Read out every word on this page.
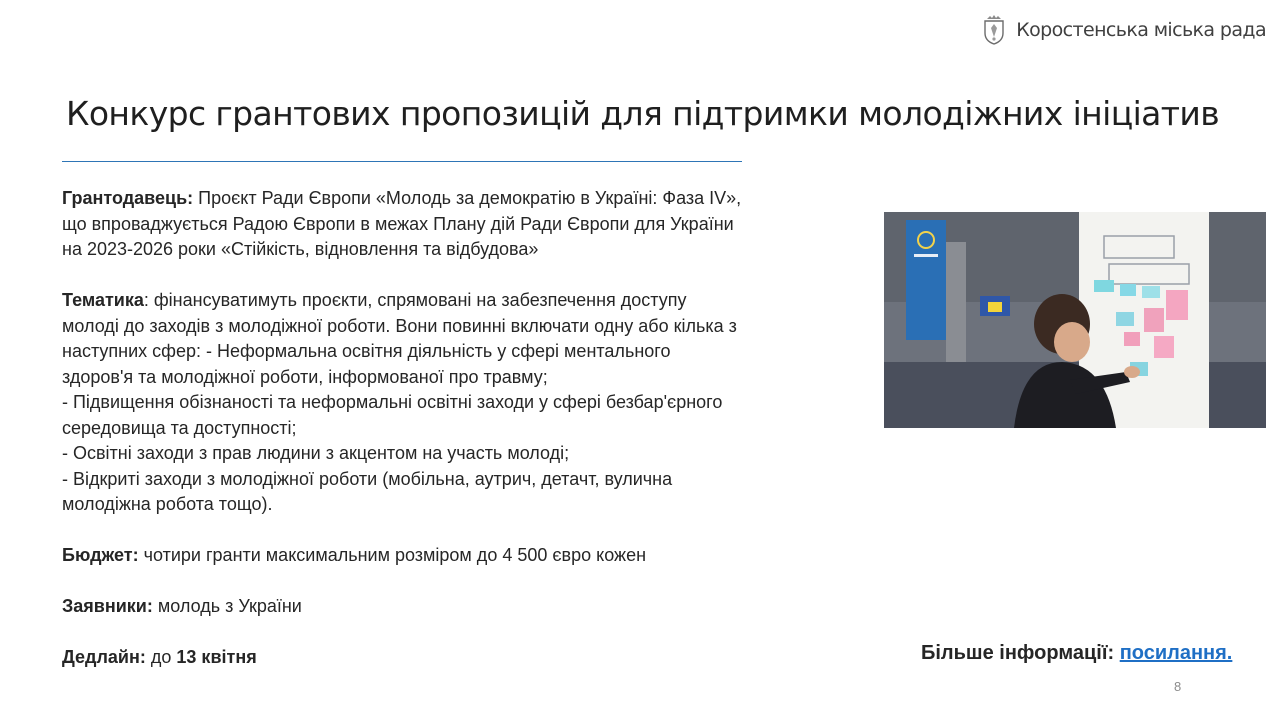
Коростенська міська рада
Конкурс грантових пропозицій для підтримки молодіжних ініціатив

Грантодавець: Проєкт Ради Європи «Молодь за демократію в Україні: Фаза IV»,
що впроваджується Радою Європи в межах Плану дій Ради Європи для України
на 2023-2026 роки «Стійкість, відновлення та відбудова»

Тематика: фінансуватимуть проєкти, спрямовані на забезпечення доступу
молоді до заходів з молодіжної роботи. Вони повинні включати одну або кілька з
наступних сфер: - Неформальна освітня діяльність у сфері ментального
здоров'я та молодіжної роботи, інформованої про травму;
- Підвищення обізнаності та неформальні освітні заходи у сфері безбар'єрного
середовища та доступності;
- Освітні заходи з прав людини з акцентом на участь молоді;
- Відкриті заходи з молодіжної роботи (мобільна, аутрич, детачт, вулична
молодіжна робота тощо).

Бюджет: чотири гранти максимальним розміром до 4 500 євро кожен

Заявники: молодь з України

Дедлайн: до 13 квітня	Більше інформації: посилання.
8
